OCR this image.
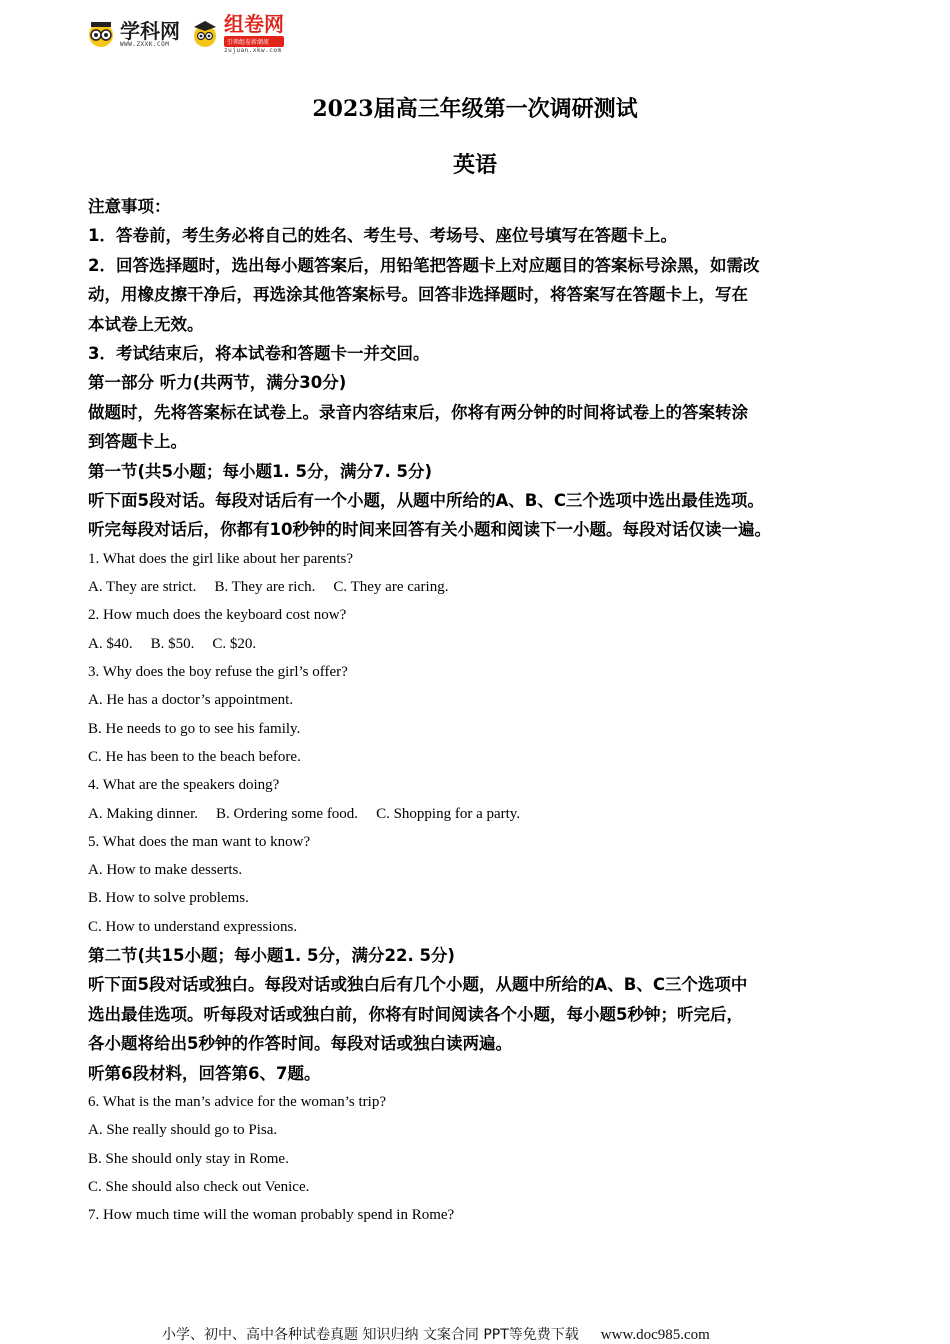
学科网
WWW.ZXXK.COM
组卷网
引领组卷新潮流
zujuan.xkw.com
2023届高三年级第一次调研测试
英语
注意事项：
1．答卷前，考生务必将自己的姓名、考生号、考场号、座位号填写在答题卡上。
2．回答选择题时，选出每小题答案后，用铅笔把答题卡上对应题目的答案标号涂黑，如需改
动，用橡皮擦干净后，再选涂其他答案标号。回答非选择题时，将答案写在答题卡上，写在
本试卷上无效。
3．考试结束后，将本试卷和答题卡一并交回。
第一部分 听力(共两节，满分30分)
做题时，先将答案标在试卷上。录音内容结束后，你将有两分钟的时间将试卷上的答案转涂
到答题卡上。
第一节(共5小题；每小题1. 5分，满分7. 5分)
听下面5段对话。每段对话后有一个小题，从题中所给的A、B、C三个选项中选出最佳选项。
听完每段对话后，你都有10秒钟的时间来回答有关小题和阅读下一小题。每段对话仅读一遍。
1. What does the girl like about her parents?
A. They are strict. B. They are rich. C. They are caring.
2. How much does the keyboard cost now?
A. $40. B. $50. C. $20.
3. Why does the boy refuse the girl’s offer?
A. He has a doctor’s appointment.
B. He needs to go to see his family.
C. He has been to the beach before.
4. What are the speakers doing?
A. Making dinner. B. Ordering some food. C. Shopping for a party.
5. What does the man want to know?
A. How to make desserts.
B. How to solve problems.
C. How to understand expressions.
第二节(共15小题；每小题1. 5分，满分22. 5分)
听下面5段对话或独白。每段对话或独白后有几个小题，从题中所给的A、B、C三个选项中
选出最佳选项。听每段对话或独白前，你将有时间阅读各个小题，每小题5秒钟；听完后，
各小题将给出5秒钟的作答时间。每段对话或独白读两遍。
听第6段材料，回答第6、7题。
6. What is the man’s advice for the woman’s trip?
A. She really should go to Pisa.
B. She should only stay in Rome.
C. She should also check out Venice.
7. How much time will the woman probably spend in Rome?
小学、初中、高中各种试卷真题 知识归纳 文案合同 PPT等免费下载 www.doc985.com
